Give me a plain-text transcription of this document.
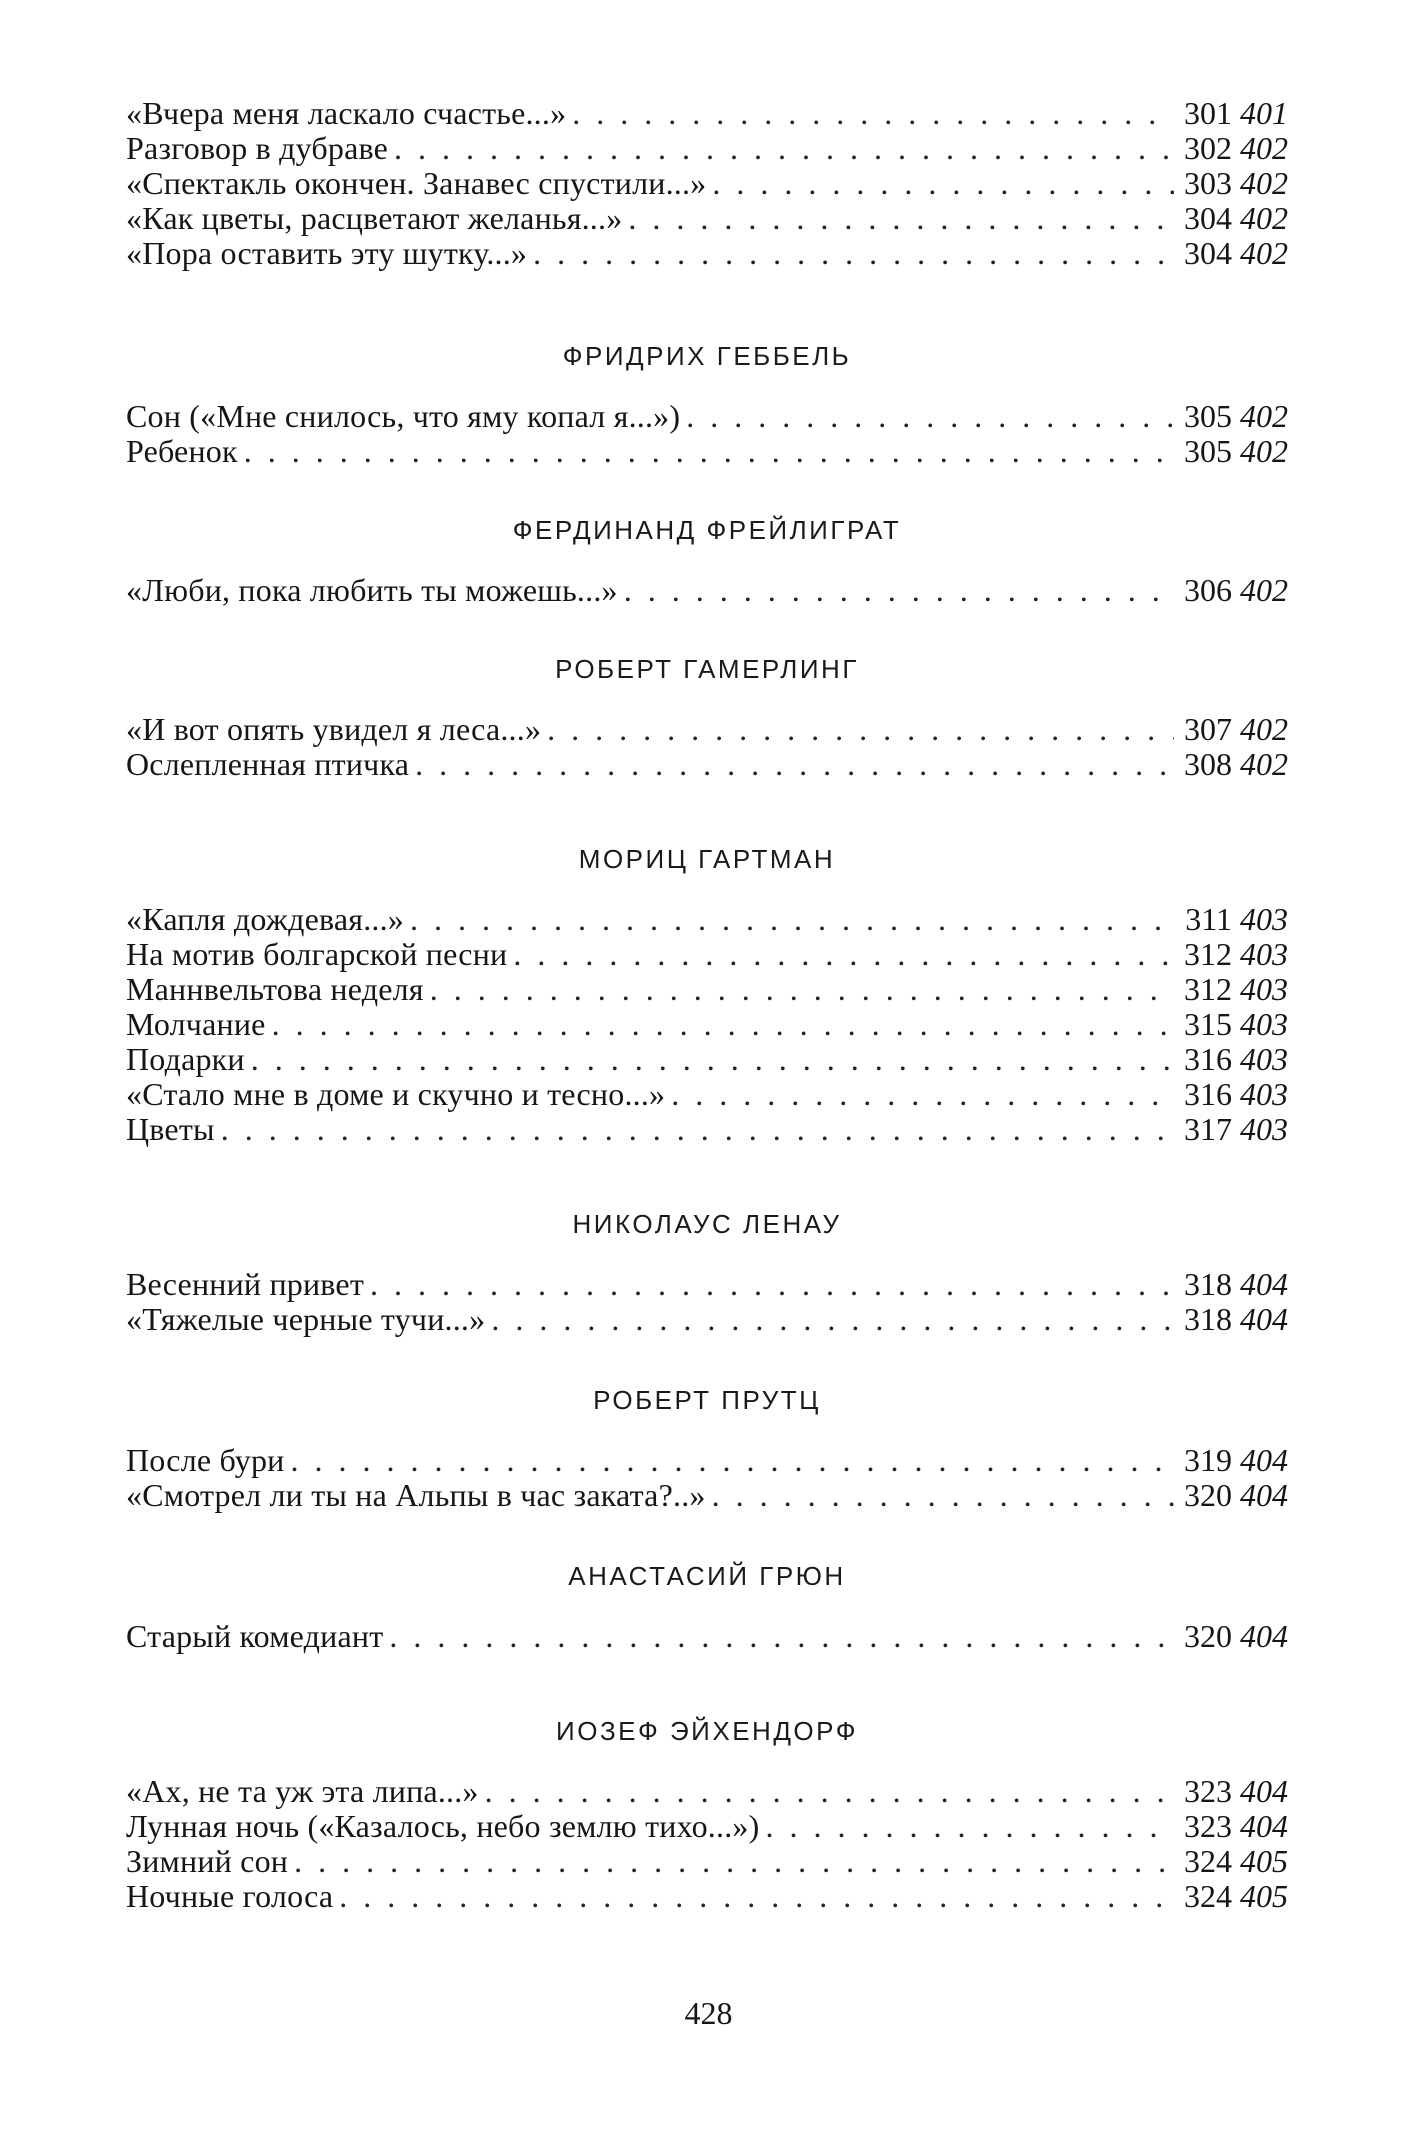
«Вчера меня ласкало счастье...» . . .	301 401
Разговор в дубраве . . .	302 402
«Спектакль окончен. Занавес спустили...» . . .	303 402
«Как цветы, расцветают желанья...» . . .	304 402
«Пора оставить эту шутку...» . . .	304 402
ФРИДРИХ ГЕББЕЛЬ
Сон («Мне снилось, что яму копал я...») . . .	305 402
Ребенок . . .	305 402
ФЕРДИНАНД ФРЕЙЛИГРАТ
«Люби, пока любить ты можешь...» . . .	306 402
РОБЕРТ ГАМЕРЛИНГ
«И вот опять увидел я леса...» . . .	307 402
Ослепленная птичка . . .	308 402
МОРИЦ ГАРТМАН
«Капля дождевая...» . . .	311 403
На мотив болгарской песни . . .	312 403
Маннвельтова неделя . . .	312 403
Молчание . . .	315 403
Подарки . . .	316 403
«Стало мне в доме и скучно и тесно...» . . .	316 403
Цветы . . .	317 403
НИКОЛАУС ЛЕНАУ
Весенний привет . . .	318 404
«Тяжелые черные тучи...» . . .	318 404
РОБЕРТ ПРУТЦ
После бури . . .	319 404
«Смотрел ли ты на Альпы в час заката?..» . . .	320 404
АНАСТАСИЙ ГРЮН
Старый комедиант . . .	320 404
ИОЗЕФ ЭЙХЕНДОРФ
«Ах, не та уж эта липа...» . . .	323 404
Лунная ночь («Казалось, небо землю тихо...») . . .	323 404
Зимний сон . . .	324 405
Ночные голоса . . .	324 405
428
